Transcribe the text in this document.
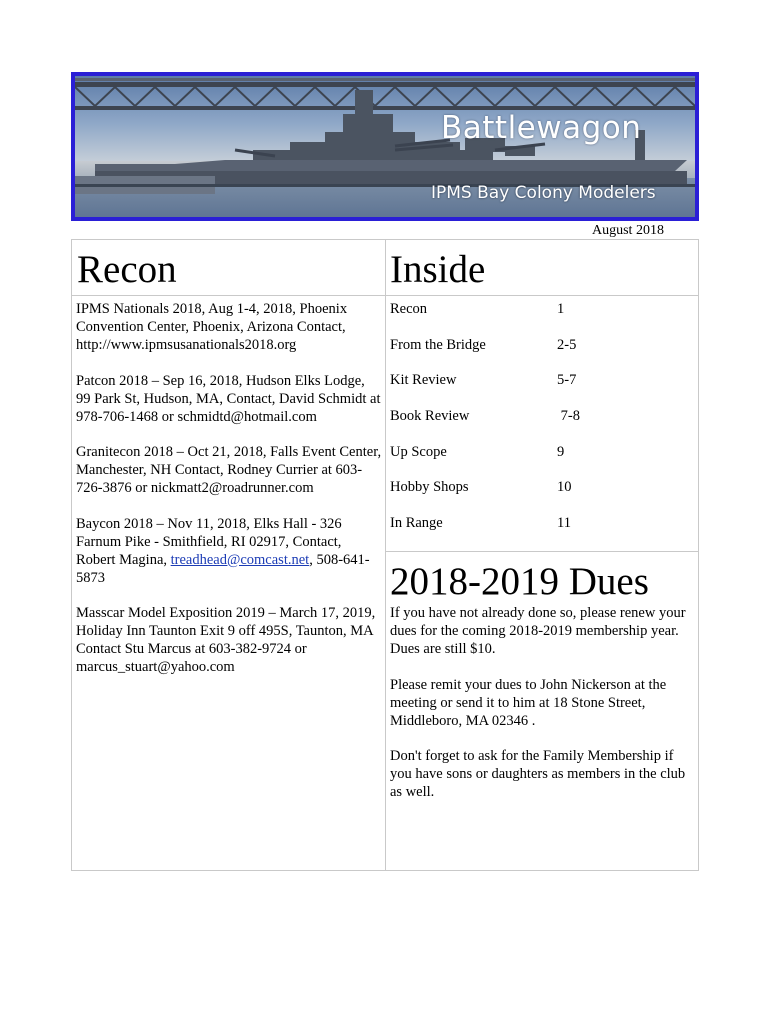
Battlewagon
IPMS Bay Colony Modelers
August 2018
Recon	Inside

IPMS Nationals 2018, Aug 1-4, 2018, Phoenix Convention Center, Phoenix, Arizona Contact, http://www.ipmsusanationals2018.org

Patcon 2018 – Sep 16, 2018, Hudson Elks Lodge, 99 Park St, Hudson, MA, Contact, David Schmidt at 978-706-1468 or schmidtd@hotmail.com

Granitecon 2018 – Oct 21, 2018, Falls Event Center, Manchester, NH Contact, Rodney Currier at 603-726-3876 or nickmatt2@roadrunner.com

Baycon 2018 – Nov 11, 2018, Elks Hall - 326 Farnum Pike - Smithfield, RI 02917, Contact, Robert Magina, treadhead@comcast.net, 508-641-5873

Masscar Model Exposition 2019 – March 17, 2019, Holiday Inn Taunton Exit 9 off 495S, Taunton, MA Contact Stu Marcus at 603-382-9724 or marcus_stuart@yahoo.com

Recon	1
From the Bridge	2-5
Kit Review	5-7
Book Review	7-8
Up Scope	9
Hobby Shops	10
In Range	11
2018-2019 Dues

If you have not already done so, please renew your dues for the coming 2018-2019 membership year. Dues are still $10.

Please remit your dues to John Nickerson at the meeting or send it to him at 18 Stone Street, Middleboro, MA 02346 .

Don't forget to ask for the Family Membership if you have sons or daughters as members in the club as well.
